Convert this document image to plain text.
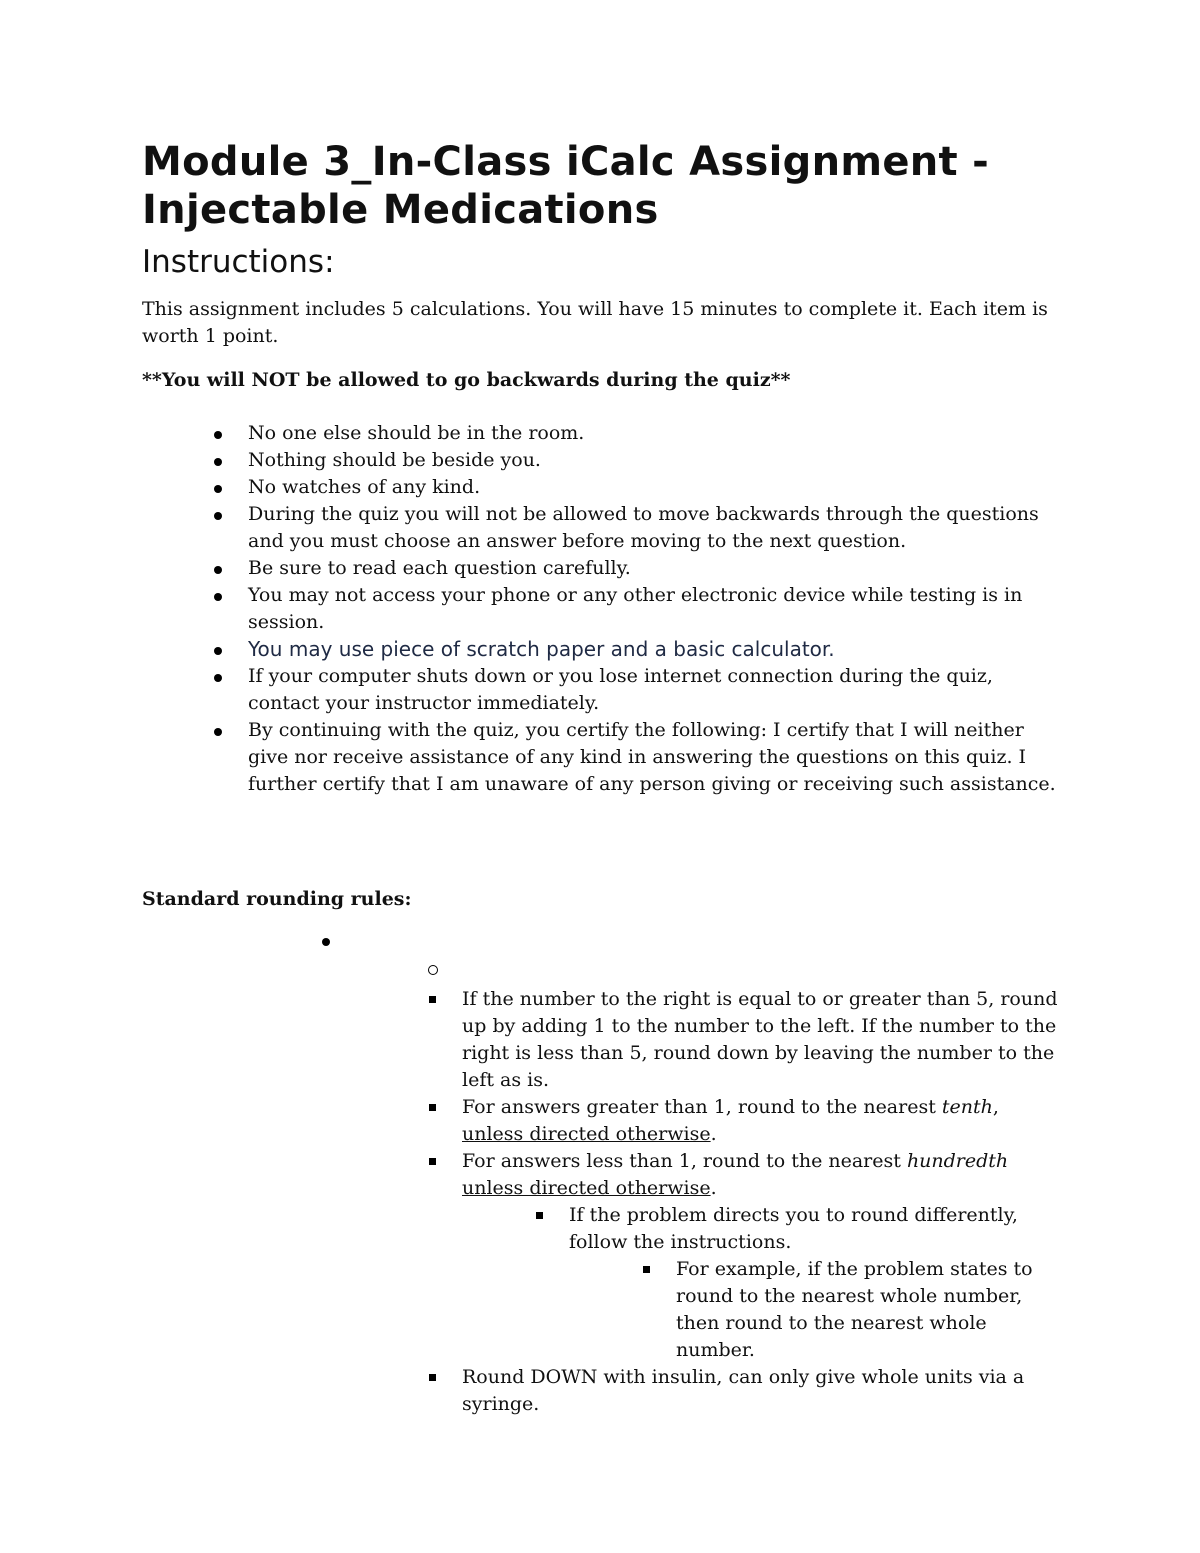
Module 3_In-Class iCalc Assignment - Injectable Medications
Instructions:

This assignment includes 5 calculations. You will have 15 minutes to complete it. Each item is worth 1 point.

**You will NOT be allowed to go backwards during the quiz**

No one else should be in the room.
Nothing should be beside you.
No watches of any kind.
During the quiz you will not be allowed to move backwards through the questions and you must choose an answer before moving to the next question.
Be sure to read each question carefully.
You may not access your phone or any other electronic device while testing is in session.
You may use piece of scratch paper and a basic calculator.
If your computer shuts down or you lose internet connection during the quiz, contact your instructor immediately.
By continuing with the quiz, you certify the following: I certify that I will neither give nor receive assistance of any kind in answering the questions on this quiz. I further certify that I am unaware of any person giving or receiving such assistance.
Standard rounding rules:
If the number to the right is equal to or greater than 5, round up by adding 1 to the number to the left. If the number to the right is less than 5, round down by leaving the number to the left as is.
For answers greater than 1, round to the nearest tenth, unless directed otherwise.
For answers less than 1, round to the nearest hundredth unless directed otherwise.
If the problem directs you to round differently, follow the instructions.
For example, if the problem states to round to the nearest whole number, then round to the nearest whole number.
Round DOWN with insulin, can only give whole units via a syringe.
